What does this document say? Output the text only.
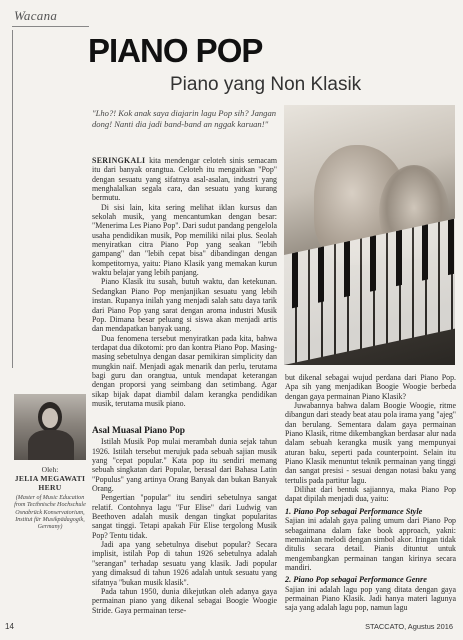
Wacana
PIANO POP
Piano yang Non Klasik
"Lho?! Kok anak saya diajarin lagu Pop sih? Jangan dong! Nanti dia jadi band-band an nggak karuan!"

SERINGKALI kita mendengar celoteh sinis semacam itu dari banyak orangtua. Celoteh itu mengaitkan "Pop" dengan sesuatu yang sifatnya asal-asalan, industri yang menghalalkan segala cara, dan sesuatu yang kurang bermutu.

Di sisi lain, kita sering melihat iklan kursus dan sekolah musik, yang mencantumkan dengan besar: "Menerima Les Piano Pop". Dari sudut pandang pengelola usaha pendidikan musik, Pop memiliki nilai plus. Seolah menyiratkan citra Piano Pop yang seakan "lebih gampang" dan "lebih cepat bisa" dibandingan dengan kompetitornya, yaitu: Piano Klasik yang memakan kurun waktu belajar yang lebih panjang.

Piano Klasik itu susah, butuh waktu, dan ketekunan. Sedangkan Piano Pop menjanjikan sesuatu yang lebih instan. Rupanya inilah yang menjadi salah satu daya tarik dari Piano Pop yang sarat dengan aroma industri Musik Pop. Dimana besar peluang si siswa akan menjadi artis dan mendapatkan banyak uang.

Dua fenomena tersebut menyiratkan pada kita, bahwa terdapat dua dikotomi: pro dan kontra Piano Pop. Masing-masing sebetulnya dengan dasar pemikiran simplicity dan mungkin naif. Menjadi agak menarik dan perlu, terutama bagi guru dan orangtua, untuk mendapat keterangan dengan proporsi yang seimbang dan setimbang. Agar sikap bijak dapat diambil dalam kerangka pendidikan musik, terutama musik piano.

Asal Muasal Piano Pop

Istilah Musik Pop mulai merambah dunia sejak tahun 1926. Istilah tersebut merujuk pada sebuah sajian musik yang "cepat popular." Kata pop itu sendiri memang sebuah singkatan dari Popular, berasal dari Bahasa Latin "Populus" yang artinya Orang Banyak dan bukan Banyak Orang.

Pengertian "popular" itu sendiri sebetulnya sangat relatif. Contohnya lagu "Fur Elise" dari Ludwig van Beethoven adalah musik dengan tingkat popularitas sangat tinggi. Tetapi apakah Für Elise tergolong Musik Pop? Tentu tidak.

Jadi apa yang sebetulnya disebut popular? Secara implisit, istilah Pop di tahun 1926 sebetulnya adalah "serangan" terhadap sesuatu yang klasik. Jadi popular yang dimaksud di tahun 1926 adalah untuk sesuatu yang sifatnya "bukan musik klasik".

Pada tahun 1950, dunia dikejutkan oleh adanya gaya permainan piano yang dikenal sebagai Boogie Woogie Stride. Gaya permainan terse-

but dikenal sebagai wujud perdana dari Piano Pop. Apa sih yang menjadikan Boogie Woogie berbeda dengan gaya permainan Piano Klasik?

Juwabannya bahwa dalam Boogie Woogie, ritme dibangun dari steady beat atau pola irama yang "ajeg" dan berulang. Sementara dalam gaya permainan Piano Klasik, ritme dikembangkan berdasar alur nada dalam sebuah kerangka musik yang mempunyai aturan baku, seperti pada counterpoint. Selain itu Piano Klasik menuntut teknik permainan yang tinggi dan sangat presisi - sesuai dengan notasi baku yang tertulis pada partitur lagu.

Dilihat dari bentuk sajiannya, maka Piano Pop dapat dipilah menjadi dua, yaitu:

1. Piano Pop sebagai Performance Style

Sajian ini adalah gaya paling umum dari Piano Pop sebagaimana dalam fake book approach, yakni: memainkan melodi dengan simbol akor. Iringan tidak ditulis secara detail. Pianis dituntut untuk mengembangkan permainan tangan kirinya secara mandiri.

2. Piano Pop sebagai Performance Genre

Sajian ini adalah lagu pop yang ditata dengan gaya permainan Piano Klasik. Jadi hanya materi lagunya saja yang adalah lagu pop, namun lagu

Oleh:
JELIA MEGAWATI
HERU
(Master of Music Education from Tecthnische Hochschule Osnabrück Konservatorium, Institut für Musikpädagogik, Germany)
14	STACCATO, Agustus 2016
